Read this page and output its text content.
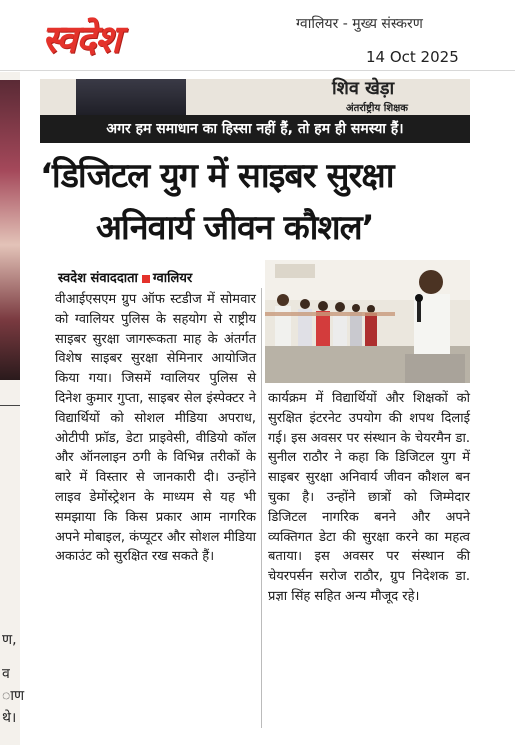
स्वदेश	ग्वालियर - मुख्य संस्करण
14 Oct 2025
ण,
व
ाण
थे।
शिव खेड़ा
अंतर्राष्ट्रीय शिक्षक
अगर हम समाधान का हिस्सा नहीं हैं, तो हम ही समस्या हैं।
‘डिजिटल युग में साइबर सुरक्षा
अनिवार्य जीवन कौशल’
स्वदेश संवाददाता ग्वालियर

वीआईएसएम ग्रुप ऑफ स्टडीज में सोमवार को ग्वालियर पुलिस के सहयोग से राष्ट्रीय साइबर सुरक्षा जागरूकता माह के अंतर्गत विशेष साइबर सुरक्षा सेमिनार आयोजित किया गया। जिसमें ग्वालियर पुलिस से दिनेश कुमार गुप्ता, साइबर सेल इंस्पेक्टर ने विद्यार्थियों को सोशल मीडिया अपराध, ओटीपी फ्रॉड, डेटा प्राइवेसी, वीडियो कॉल और ऑनलाइन ठगी के विभिन्न तरीकों के बारे में विस्तार से जानकारी दी। उन्होंने लाइव डेमोंस्ट्रेशन के माध्यम से यह भी समझाया कि किस प्रकार आम नागरिक अपने मोबाइल, कंप्यूटर और सोशल मीडिया अकाउंट को सुरक्षित रख सकते हैं।

कार्यक्रम में विद्यार्थियों और शिक्षकों को सुरक्षित इंटरनेट उपयोग की शपथ दिलाई गई। इस अवसर पर संस्थान के चेयरमैन डा. सुनील राठौर ने कहा कि डिजिटल युग में साइबर सुरक्षा अनिवार्य जीवन कौशल बन चुका है। उन्होंने छात्रों को जिम्मेदार डिजिटल नागरिक बनने और अपने व्यक्तिगत डेटा की सुरक्षा करने का महत्व बताया। इस अवसर पर संस्थान की चेयरपर्सन सरोज राठौर, ग्रुप निदेशक डा. प्रज्ञा सिंह सहित अन्य मौजूद रहे।
